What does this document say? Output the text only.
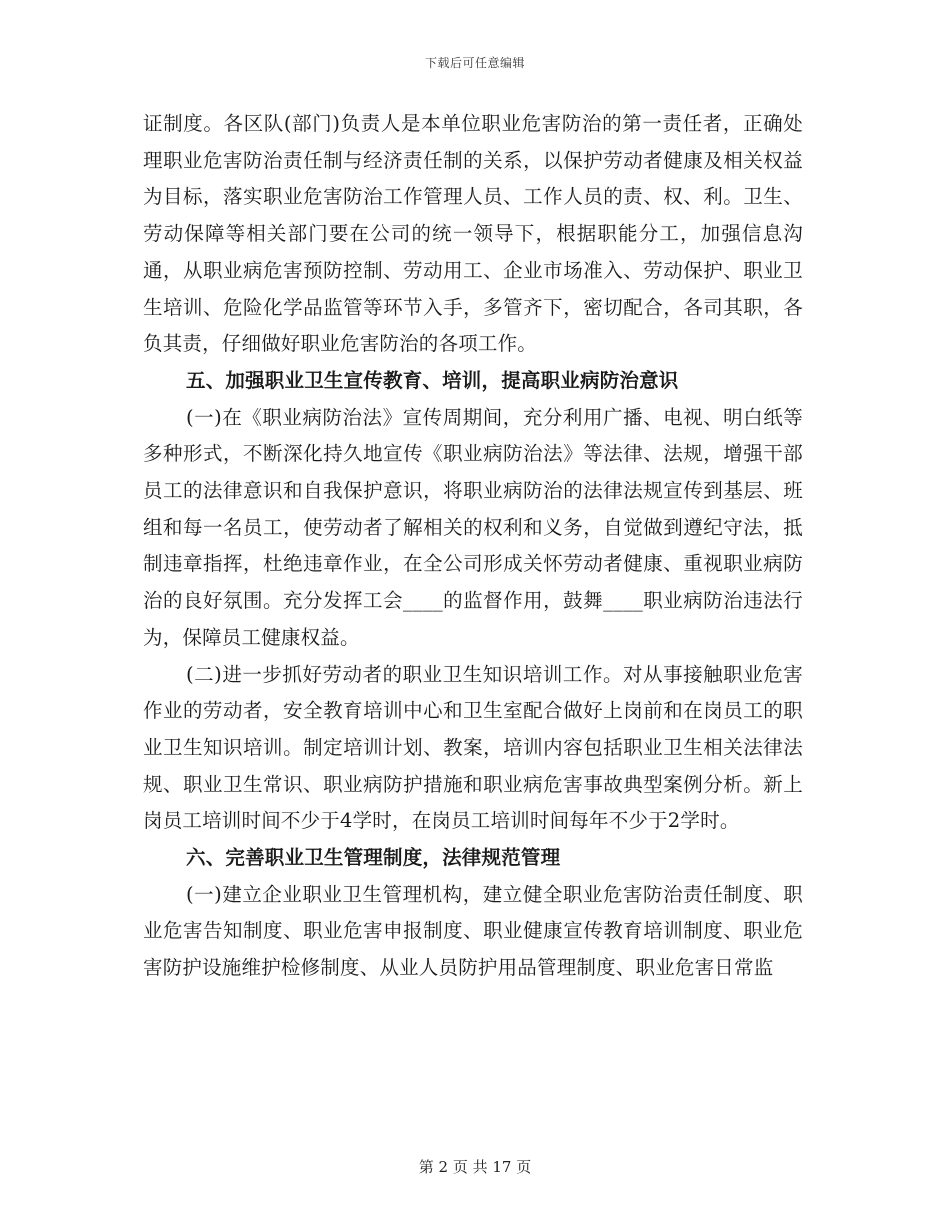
下载后可任意编辑

证制度。各区队(部门)负责人是本单位职业危害防治的第一责任者，正确处理职业危害防治责任制与经济责任制的关系，以保护劳动者健康及相关权益为目标，落实职业危害防治工作管理人员、工作人员的责、权、利。卫生、劳动保障等相关部门要在公司的统一领导下，根据职能分工，加强信息沟通，从职业病危害预防控制、劳动用工、企业市场准入、劳动保护、职业卫生培训、危险化学品监管等环节入手，多管齐下，密切配合，各司其职，各负其责，仔细做好职业危害防治的各项工作。

五、加强职业卫生宣传教育、培训，提高职业病防治意识

(一)在《职业病防治法》宣传周期间，充分利用广播、电视、明白纸等多种形式，不断深化持久地宣传《职业病防治法》等法律、法规，增强干部员工的法律意识和自我保护意识，将职业病防治的法律法规宣传到基层、班组和每一名员工，使劳动者了解相关的权利和义务，自觉做到遵纪守法，抵制违章指挥，杜绝违章作业，在全公司形成关怀劳动者健康、重视职业病防治的良好氛围。充分发挥工会____的监督作用，鼓舞____职业病防治违法行为，保障员工健康权益。

(二)进一步抓好劳动者的职业卫生知识培训工作。对从事接触职业危害作业的劳动者，安全教育培训中心和卫生室配合做好上岗前和在岗员工的职业卫生知识培训。制定培训计划、教案，培训内容包括职业卫生相关法律法规、职业卫生常识、职业病防护措施和职业病危害事故典型案例分析。新上岗员工培训时间不少于4学时，在岗员工培训时间每年不少于2学时。

六、完善职业卫生管理制度，法律规范管理

(一)建立企业职业卫生管理机构，建立健全职业危害防治责任制度、职业危害告知制度、职业危害申报制度、职业健康宣传教育培训制度、职业危害防护设施维护检修制度、从业人员防护用品管理制度、职业危害日常监

第 2 页 共 17 页
